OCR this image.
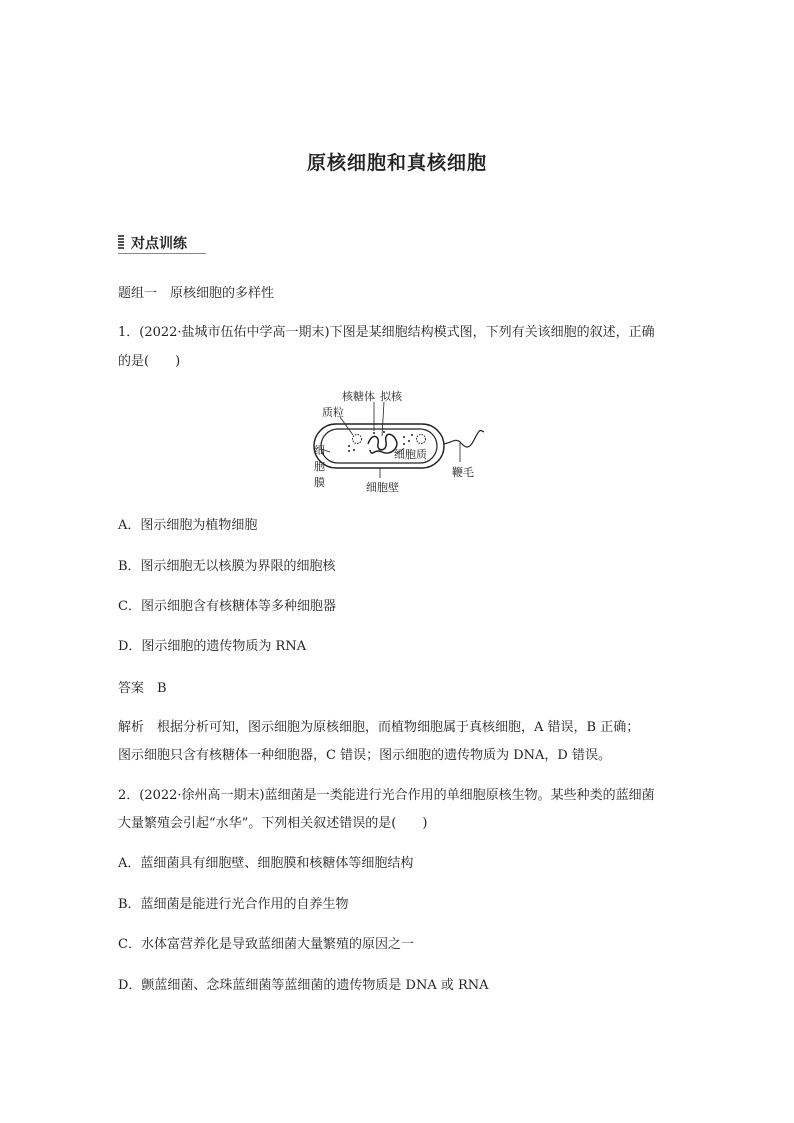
原核细胞和真核细胞
对点训练
题组一　原核细胞的多样性
1．(2022·盐城市伍佑中学高一期末)下图是某细胞结构模式图，下列有关该细胞的叙述，正确
的是(　　)
核糖体 拟核
质粒
细
胞
膜
细胞质
鞭毛
细胞壁
A．图示细胞为植物细胞
B．图示细胞无以核膜为界限的细胞核
C．图示细胞含有核糖体等多种细胞器
D．图示细胞的遗传物质为 RNA
答案　B
解析　根据分析可知，图示细胞为原核细胞，而植物细胞属于真核细胞，A 错误，B 正确；
图示细胞只含有核糖体一种细胞器，C 错误；图示细胞的遗传物质为 DNA，D 错误。
2．(2022·徐州高一期末)蓝细菌是一类能进行光合作用的单细胞原核生物。某些种类的蓝细菌
大量繁殖会引起“水华”。下列相关叙述错误的是(　　)
A．蓝细菌具有细胞壁、细胞膜和核糖体等细胞结构
B．蓝细菌是能进行光合作用的自养生物
C．水体富营养化是导致蓝细菌大量繁殖的原因之一
D．颤蓝细菌、念珠蓝细菌等蓝细菌的遗传物质是 DNA 或 RNA
